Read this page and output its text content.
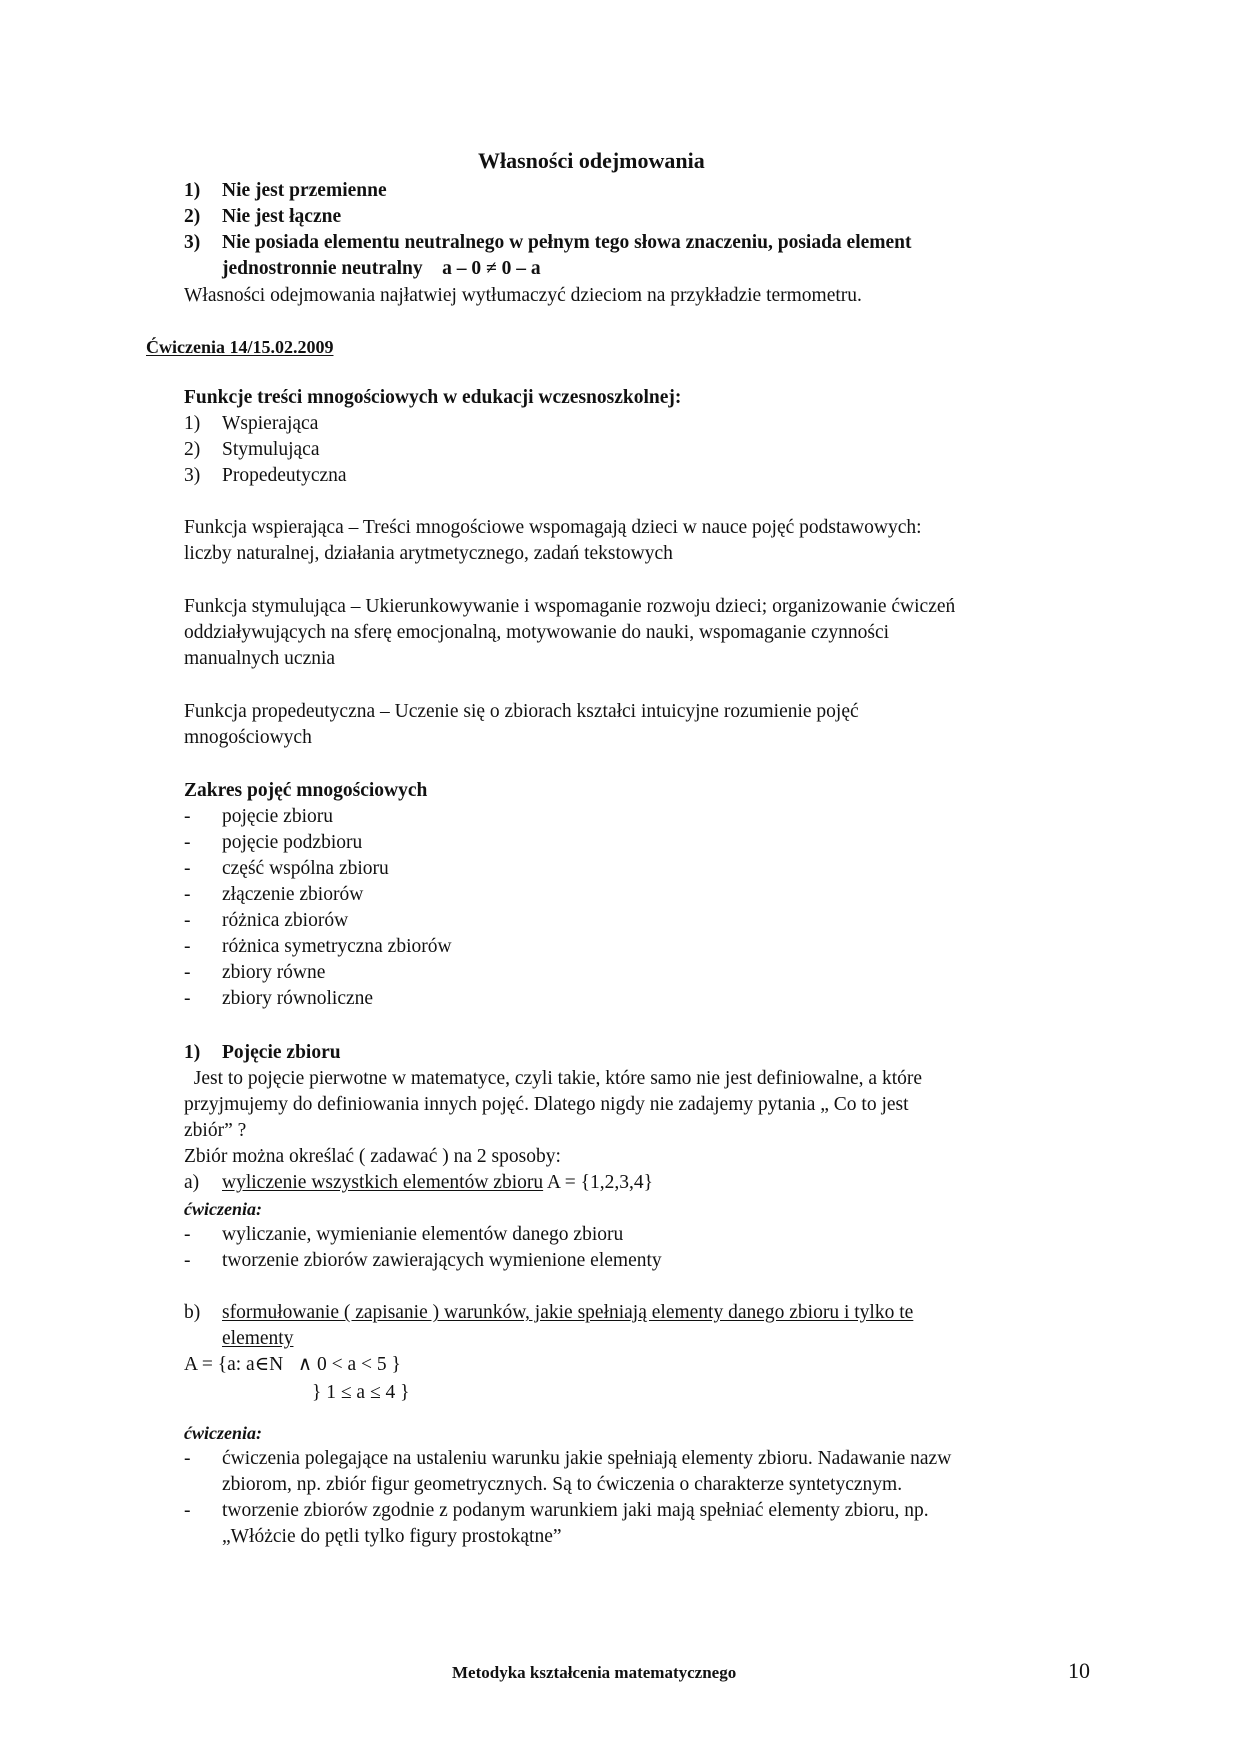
Własności odejmowania
1) Nie jest przemienne
2) Nie jest łączne
3) Nie posiada elementu neutralnego w pełnym tego słowa znaczeniu, posiada element
jednostronnie neutralny a – 0 ≠ 0 – a
Własności odejmowania najłatwiej wytłumaczyć dzieciom na przykładzie termometru.
Ćwiczenia 14/15.02.2009
Funkcje treści mnogościowych w edukacji wczesnoszkolnej:
1) Wspierająca
2) Stymulująca
3) Propedeutyczna
Funkcja wspierająca – Treści mnogościowe wspomagają dzieci w nauce pojęć podstawowych:
liczby naturalnej, działania arytmetycznego, zadań tekstowych
Funkcja stymulująca – Ukierunkowywanie i wspomaganie rozwoju dzieci; organizowanie ćwiczeń
oddziaływujących na sferę emocjonalną, motywowanie do nauki, wspomaganie czynności
manualnych ucznia
Funkcja propedeutyczna – Uczenie się o zbiorach kształci intuicyjne rozumienie pojęć
mnogościowych
Zakres pojęć mnogościowych
- pojęcie zbioru
- pojęcie podzbioru
- część wspólna zbioru
- złączenie zbiorów
- różnica zbiorów
- różnica symetryczna zbiorów
- zbiory równe
- zbiory równoliczne
1) Pojęcie zbioru
Jest to pojęcie pierwotne w matematyce, czyli takie, które samo nie jest definiowalne, a które
przyjmujemy do definiowania innych pojęć. Dlatego nigdy nie zadajemy pytania „ Co to jest
zbiór” ?
Zbiór można określać ( zadawać ) na 2 sposoby:
a) wyliczenie wszystkich elementów zbioru A = {1,2,3,4}
ćwiczenia:
- wyliczanie, wymienianie elementów danego zbioru
- tworzenie zbiorów zawierających wymienione elementy
b) sformułowanie ( zapisanie ) warunków, jakie spełniają elementy danego zbioru i tylko te
elementy
A = {a: a∈N   ∧ 0 < a < 5 }
} 1 ≤ a ≤ 4 }
ćwiczenia:
- ćwiczenia polegające na ustaleniu warunku jakie spełniają elementy zbioru. Nadawanie nazw
zbiorom, np. zbiór figur geometrycznych. Są to ćwiczenia o charakterze syntetycznym.
- tworzenie zbiorów zgodnie z podanym warunkiem jaki mają spełniać elementy zbioru, np.
„Włóżcie do pętli tylko figury prostokątne”
Metodyka kształcenia matematycznego	10
